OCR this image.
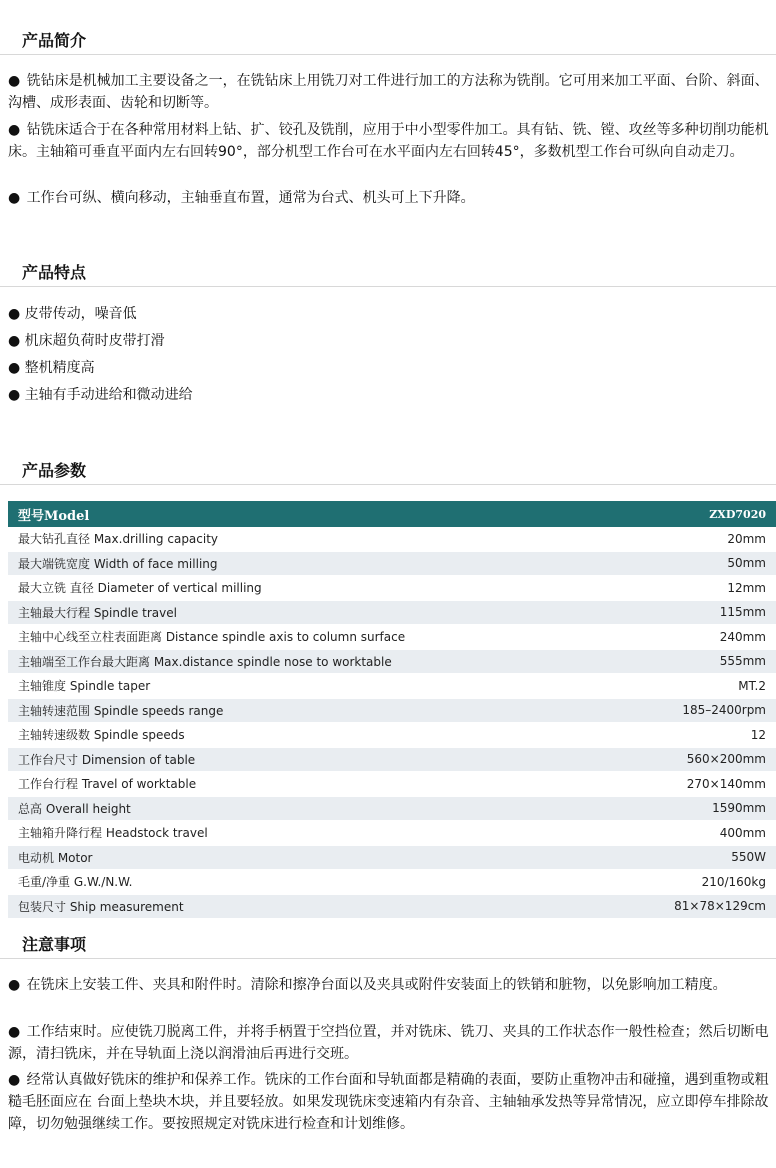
产品简介
● 铣钻床是机械加工主要设备之一，在铣钻床上用铣刀对工件进行加工的方法称为铣削。它可用来加工平面、台阶、斜面、沟槽、成形表面、齿轮和切断等。
● 钻铣床适合于在各种常用材料上钻、扩、铰孔及铣削，应用于中小型零件加工。具有钻、铣、镗、攻丝等多种切削功能机床。主轴箱可垂直平面内左右回转90°，部分机型工作台可在水平面内左右回转45°，多数机型工作台可纵向自动走刀。
● 工作台可纵、横向移动，主轴垂直布置，通常为台式、机头可上下升降。
产品特点
● 皮带传动，噪音低
● 机床超负荷时皮带打滑
● 整机精度高
● 主轴有手动进给和微动进给
产品参数
型号Model	ZXD7020
最大钻孔直径 Max.drilling capacity	20mm
最大端铣宽度 Width of face milling	50mm
最大立铣 直径 Diameter of vertical milling	12mm
主轴最大行程 Spindle travel	115mm
主轴中心线至立柱表面距离 Distance spindle axis to column surface	240mm
主轴端至工作台最大距离 Max.distance spindle nose to worktable	555mm
主轴锥度 Spindle taper	MT.2
主轴转速范围 Spindle speeds range	185–2400rpm
主轴转速级数 Spindle speeds	12
工作台尺寸 Dimension of table	560×200mm
工作台行程 Travel of worktable	270×140mm
总高 Overall height	1590mm
主轴箱升降行程 Headstock travel	400mm
电动机 Motor	550W
毛重/净重 G.W./N.W.	210/160kg
包装尺寸 Ship measurement	81×78×129cm
注意事项
● 在铣床上安装工件、夹具和附件时。清除和擦净台面以及夹具或附件安装面上的铁销和脏物，以免影响加工精度。
● 工作结束时。应使铣刀脱离工件，并将手柄置于空挡位置，并对铣床、铣刀、夹具的工作状态作一般性检查；然后切断电源，清扫铣床，并在导轨面上浇以润滑油后再进行交班。
● 经常认真做好铣床的维护和保养工作。铣床的工作台面和导轨面都是精确的表面，要防止重物冲击和碰撞，遇到重物或粗糙毛胚面应在 台面上垫块木块，并且要轻放。如果发现铣床变速箱内有杂音、主轴轴承发热等异常情况，应立即停车排除故障，切勿勉强继续工作。要按照规定对铣床进行检查和计划维修。
